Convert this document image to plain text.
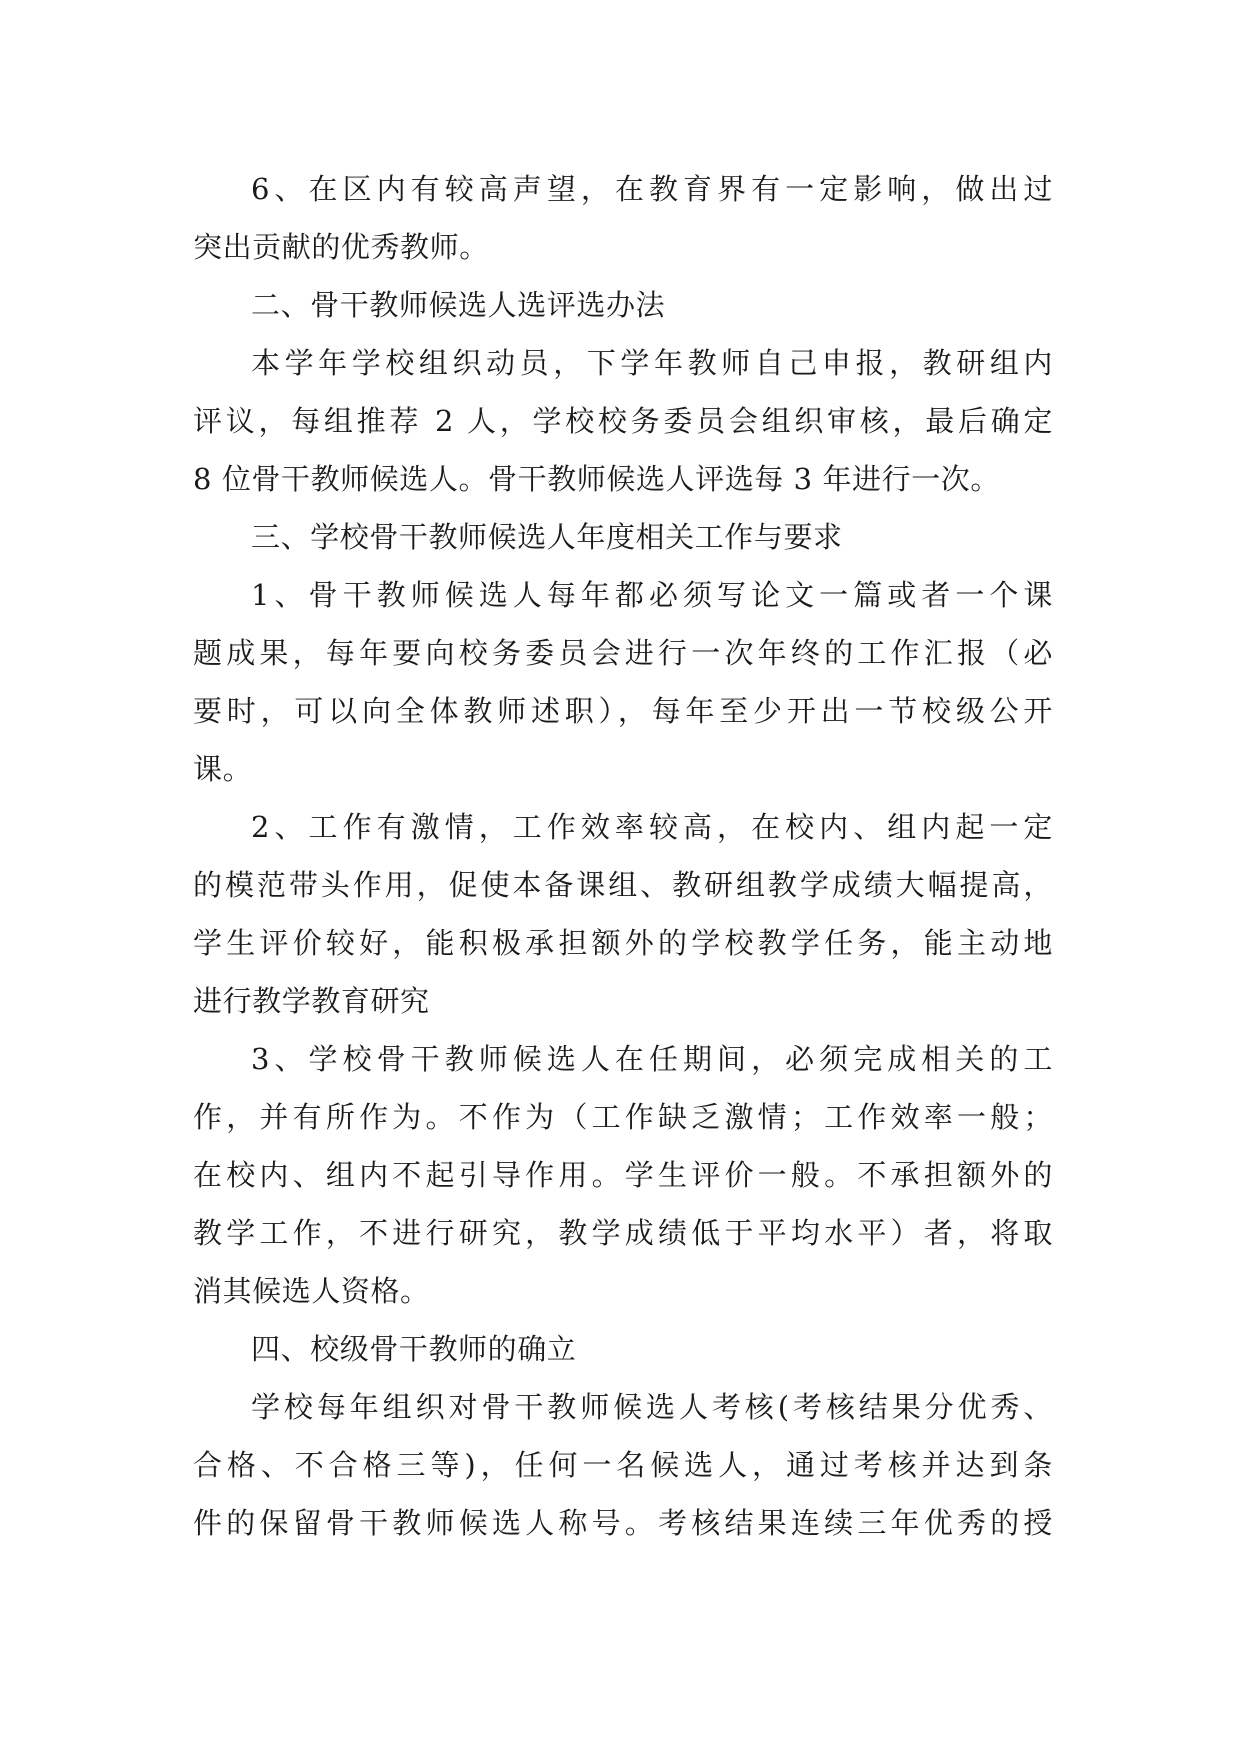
6、在区内有较高声望，在教育界有一定影响，做出过
突出贡献的优秀教师。
二、骨干教师候选人选评选办法
本学年学校组织动员，下学年教师自己申报，教研组内
评议，每组推荐 2 人，学校校务委员会组织审核，最后确定
8 位骨干教师候选人。骨干教师候选人评选每 3 年进行一次。
三、学校骨干教师候选人年度相关工作与要求
1、骨干教师候选人每年都必须写论文一篇或者一个课
题成果，每年要向校务委员会进行一次年终的工作汇报（必
要时，可以向全体教师述职），每年至少开出一节校级公开
课。
2、工作有激情，工作效率较高，在校内、组内起一定
的模范带头作用，促使本备课组、教研组教学成绩大幅提高，
学生评价较好，能积极承担额外的学校教学任务，能主动地
进行教学教育研究
3、学校骨干教师候选人在任期间，必须完成相关的工
作，并有所作为。不作为（工作缺乏激情；工作效率一般；
在校内、组内不起引导作用。学生评价一般。不承担额外的
教学工作，不进行研究，教学成绩低于平均水平）者，将取
消其候选人资格。
四、校级骨干教师的确立
学校每年组织对骨干教师候选人考核(考核结果分优秀、
合格、不合格三等)，任何一名候选人，通过考核并达到条
件的保留骨干教师候选人称号。考核结果连续三年优秀的授
